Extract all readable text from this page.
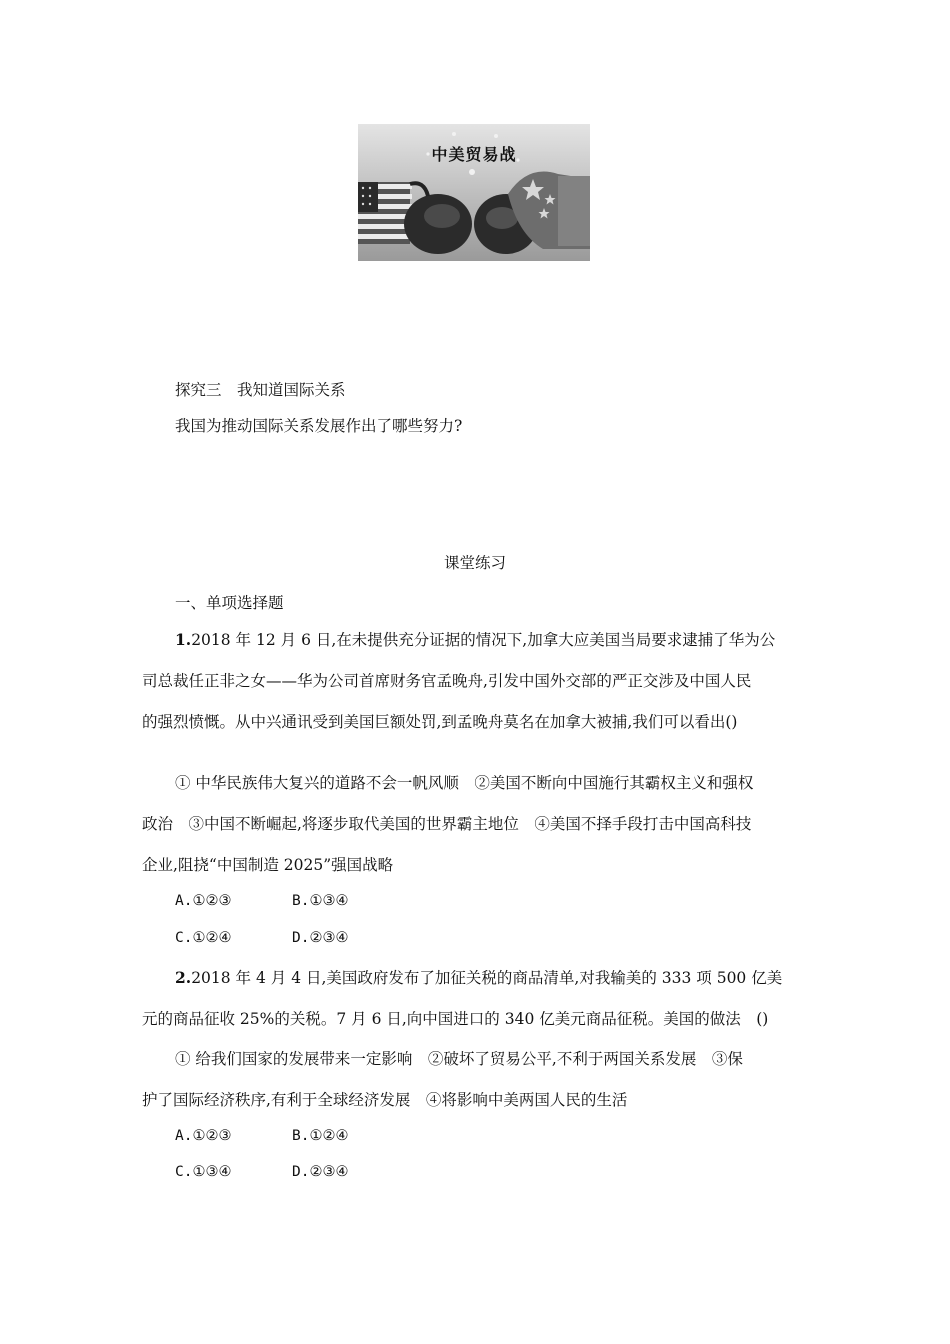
中美贸易战
探究三　我知道国际关系
我国为推动国际关系发展作出了哪些努力?
课堂练习
一、单项选择题
1.2018 年 12 月 6 日,在未提供充分证据的情况下,加拿大应美国当局要求逮捕了华为公
司总裁任正非之女——华为公司首席财务官孟晚舟,引发中国外交部的严正交涉及中国人民
的强烈愤慨。从中兴通讯受到美国巨额处罚,到孟晚舟莫名在加拿大被捕,我们可以看出()
① 中华民族伟大复兴的道路不会一帆风顺　②美国不断向中国施行其霸权主义和强权
政治　③中国不断崛起,将逐步取代美国的世界霸主地位　④美国不择手段打击中国高科技
企业,阻挠“中国制造 2025”强国战略
A.①②③	B.①③④
C.①②④	D.②③④
2.2018 年 4 月 4 日,美国政府发布了加征关税的商品清单,对我输美的 333 项 500 亿美
元的商品征收 25%的关税。7 月 6 日,向中国进口的 340 亿美元商品征税。美国的做法　()
① 给我们国家的发展带来一定影响　②破坏了贸易公平,不利于两国关系发展　③保
护了国际经济秩序,有利于全球经济发展　④将影响中美两国人民的生活
A.①②③	B.①②④
C.①③④	D.②③④
